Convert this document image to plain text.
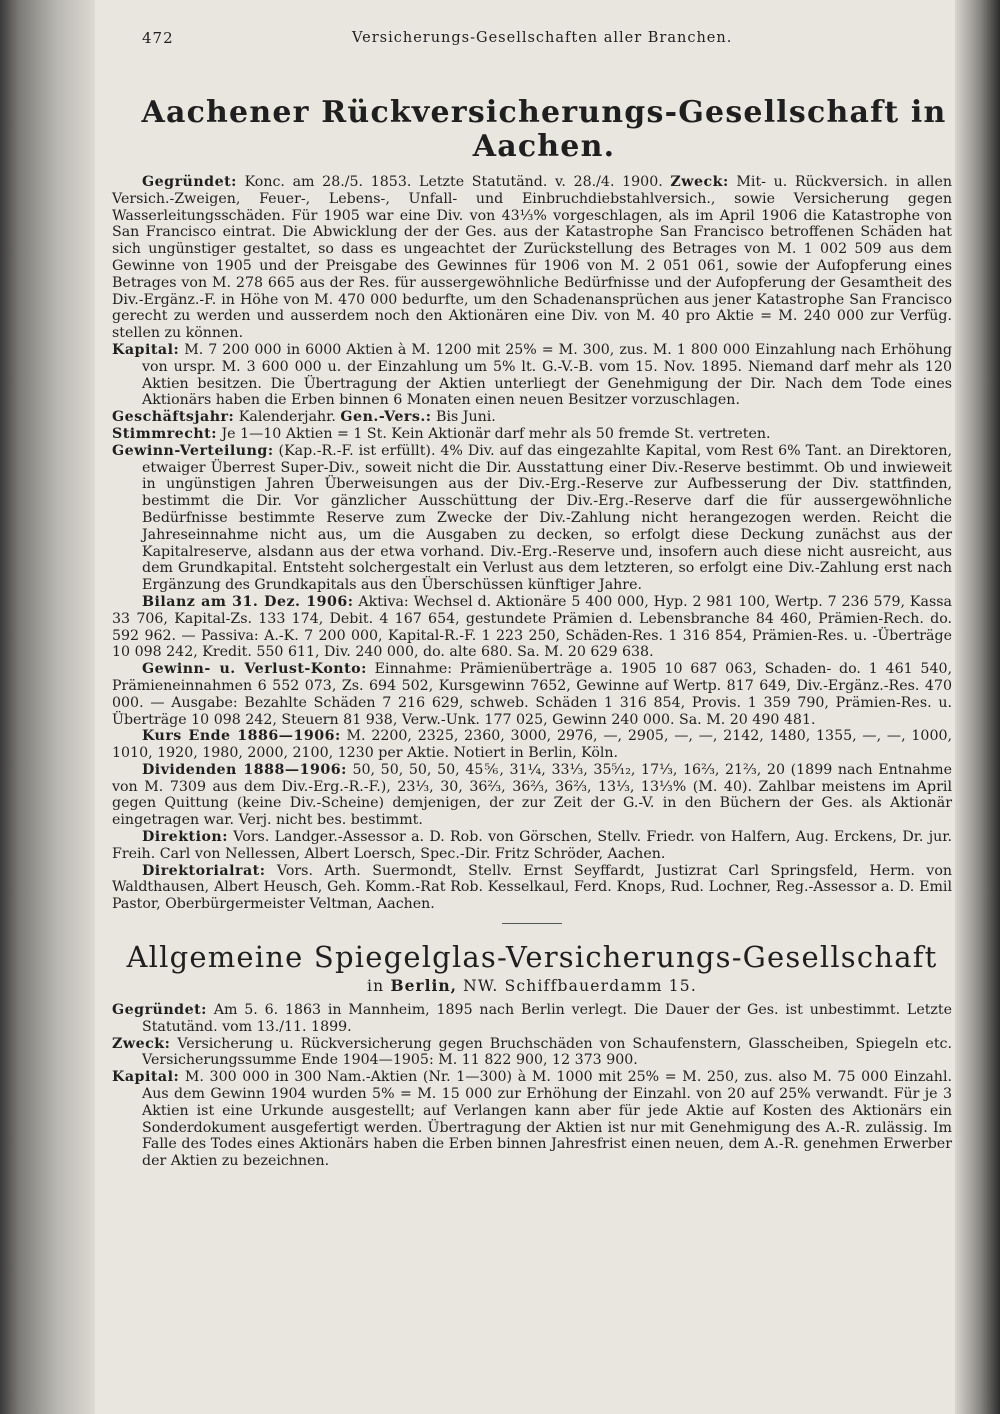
472	Versicherungs-Gesellschaften aller Branchen.
Aachener Rückversicherungs-Gesellschaft in Aachen.

Gegründet: Konc. am 28./5. 1853. Letzte Statutänd. v. 28./4. 1900. Zweck: Mit- u. Rückversich. in allen Versich.-Zweigen, Feuer-, Lebens-, Unfall- und Einbruchdiebstahlversich., sowie Versicherung gegen Wasserleitungsschäden. Für 1905 war eine Div. von 43⅓% vorgeschlagen, als im April 1906 die Katastrophe von San Francisco eintrat. Die Abwicklung der der Ges. aus der Katastrophe San Francisco betroffenen Schäden hat sich ungünstiger gestaltet, so dass es ungeachtet der Zurückstellung des Betrages von M. 1 002 509 aus dem Gewinne von 1905 und der Preisgabe des Gewinnes für 1906 von M. 2 051 061, sowie der Aufopferung eines Betrages von M. 278 665 aus der Res. für aussergewöhnliche Bedürfnisse und der Aufopferung der Gesamtheit des Div.-Ergänz.-F. in Höhe von M. 470 000 bedurfte, um den Schadenansprüchen aus jener Katastrophe San Francisco gerecht zu werden und ausserdem noch den Aktionären eine Div. von M. 40 pro Aktie = M. 240 000 zur Verfüg. stellen zu können.

Kapital: M. 7 200 000 in 6000 Aktien à M. 1200 mit 25% = M. 300, zus. M. 1 800 000 Einzahlung nach Erhöhung von urspr. M. 3 600 000 u. der Einzahlung um 5% lt. G.-V.-B. vom 15. Nov. 1895. Niemand darf mehr als 120 Aktien besitzen. Die Übertragung der Aktien unterliegt der Genehmigung der Dir. Nach dem Tode eines Aktionärs haben die Erben binnen 6 Monaten einen neuen Besitzer vorzuschlagen.

Geschäftsjahr: Kalenderjahr. Gen.-Vers.: Bis Juni.

Stimmrecht: Je 1—10 Aktien = 1 St. Kein Aktionär darf mehr als 50 fremde St. vertreten.

Gewinn-Verteilung: (Kap.-R.-F. ist erfüllt). 4% Div. auf das eingezahlte Kapital, vom Rest 6% Tant. an Direktoren, etwaiger Überrest Super-Div., soweit nicht die Dir. Ausstattung einer Div.-Reserve bestimmt. Ob und inwieweit in ungünstigen Jahren Überweisungen aus der Div.-Erg.-Reserve zur Aufbesserung der Div. stattfinden, bestimmt die Dir. Vor gänzlicher Ausschüttung der Div.-Erg.-Reserve darf die für aussergewöhnliche Bedürfnisse bestimmte Reserve zum Zwecke der Div.-Zahlung nicht herangezogen werden. Reicht die Jahreseinnahme nicht aus, um die Ausgaben zu decken, so erfolgt diese Deckung zunächst aus der Kapitalreserve, alsdann aus der etwa vorhand. Div.-Erg.-Reserve und, insofern auch diese nicht ausreicht, aus dem Grundkapital. Entsteht solchergestalt ein Verlust aus dem letzteren, so erfolgt eine Div.-Zahlung erst nach Ergänzung des Grundkapitals aus den Überschüssen künftiger Jahre.

Bilanz am 31. Dez. 1906: Aktiva: Wechsel d. Aktionäre 5 400 000, Hyp. 2 981 100, Wertp. 7 236 579, Kassa 33 706, Kapital-Zs. 133 174, Debit. 4 167 654, gestundete Prämien d. Lebensbranche 84 460, Prämien-Rech. do. 592 962. — Passiva: A.-K. 7 200 000, Kapital-R.-F. 1 223 250, Schäden-Res. 1 316 854, Prämien-Res. u. -Überträge 10 098 242, Kredit. 550 611, Div. 240 000, do. alte 680. Sa. M. 20 629 638.

Gewinn- u. Verlust-Konto: Einnahme: Prämienüberträge a. 1905 10 687 063, Schaden- do. 1 461 540, Prämieneinnahmen 6 552 073, Zs. 694 502, Kursgewinn 7652, Gewinne auf Wertp. 817 649, Div.-Ergänz.-Res. 470 000. — Ausgabe: Bezahlte Schäden 7 216 629, schweb. Schäden 1 316 854, Provis. 1 359 790, Prämien-Res. u. Überträge 10 098 242, Steuern 81 938, Verw.-Unk. 177 025, Gewinn 240 000. Sa. M. 20 490 481.

Kurs Ende 1886—1906: M. 2200, 2325, 2360, 3000, 2976, —, 2905, —, —, 2142, 1480, 1355, —, —, 1000, 1010, 1920, 1980, 2000, 2100, 1230 per Aktie. Notiert in Berlin, Köln.

Dividenden 1888—1906: 50, 50, 50, 50, 45⅚, 31¼, 33⅓, 35⁵⁄₁₂, 17⅓, 16⅔, 21⅔, 20 (1899 nach Entnahme von M. 7309 aus dem Div.-Erg.-R.-F.), 23⅓, 30, 36⅔, 36⅔, 36⅔, 13⅓, 13⅓% (M. 40). Zahlbar meistens im April gegen Quittung (keine Div.-Scheine) demjenigen, der zur Zeit der G.-V. in den Büchern der Ges. als Aktionär eingetragen war. Verj. nicht bes. bestimmt.

Direktion: Vors. Landger.-Assessor a. D. Rob. von Görschen, Stellv. Friedr. von Halfern, Aug. Erckens, Dr. jur. Freih. Carl von Nellessen, Albert Loersch, Spec.-Dir. Fritz Schröder, Aachen.

Direktorialrat: Vors. Arth. Suermondt, Stellv. Ernst Seyffardt, Justizrat Carl Springsfeld, Herm. von Waldthausen, Albert Heusch, Geh. Komm.-Rat Rob. Kesselkaul, Ferd. Knops, Rud. Lochner, Reg.-Assessor a. D. Emil Pastor, Oberbürgermeister Veltman, Aachen.

Allgemeine Spiegelglas-Versicherungs-Gesellschaft
in Berlin, NW. Schiffbauerdamm 15.

Gegründet: Am 5. 6. 1863 in Mannheim, 1895 nach Berlin verlegt. Die Dauer der Ges. ist unbestimmt. Letzte Statutänd. vom 13./11. 1899.

Zweck: Versicherung u. Rückversicherung gegen Bruchschäden von Schaufenstern, Glasscheiben, Spiegeln etc. Versicherungssumme Ende 1904—1905: M. 11 822 900, 12 373 900.

Kapital: M. 300 000 in 300 Nam.-Aktien (Nr. 1—300) à M. 1000 mit 25% = M. 250, zus. also M. 75 000 Einzahl. Aus dem Gewinn 1904 wurden 5% = M. 15 000 zur Erhöhung der Einzahl. von 20 auf 25% verwandt. Für je 3 Aktien ist eine Urkunde ausgestellt; auf Verlangen kann aber für jede Aktie auf Kosten des Aktionärs ein Sonderdokument ausgefertigt werden. Übertragung der Aktien ist nur mit Genehmigung des A.-R. zulässig. Im Falle des Todes eines Aktionärs haben die Erben binnen Jahresfrist einen neuen, dem A.-R. genehmen Erwerber der Aktien zu bezeichnen.
